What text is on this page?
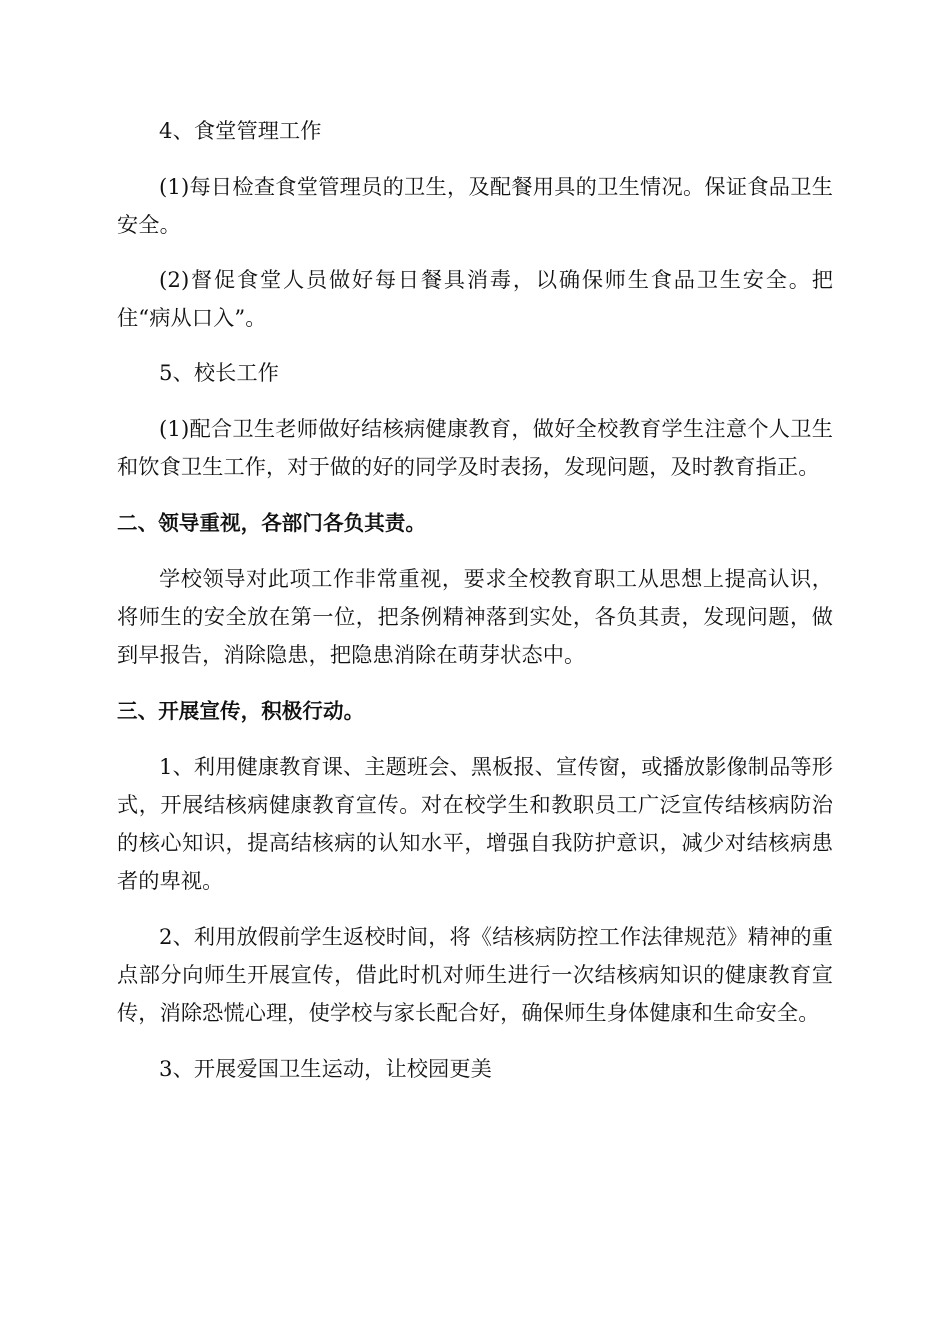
4、食堂管理工作

(1)每日检查食堂管理员的卫生，及配餐用具的卫生情况。保证食品卫生安全。

(2)督促食堂人员做好每日餐具消毒，以确保师生食品卫生安全。把住“病从口入”。

5、校长工作

(1)配合卫生老师做好结核病健康教育，做好全校教育学生注意个人卫生和饮食卫生工作，对于做的好的同学及时表扬，发现问题，及时教育指正。

二、领导重视，各部门各负其责。

学校领导对此项工作非常重视，要求全校教育职工从思想上提高认识，将师生的安全放在第一位，把条例精神落到实处，各负其责，发现问题，做到早报告，消除隐患，把隐患消除在萌芽状态中。

三、开展宣传，积极行动。

1、利用健康教育课、主题班会、黑板报、宣传窗，或播放影像制品等形式，开展结核病健康教育宣传。对在校学生和教职员工广泛宣传结核病防治的核心知识，提高结核病的认知水平，增强自我防护意识，减少对结核病患者的卑视。

2、利用放假前学生返校时间，将《结核病防控工作法律规范》精神的重点部分向师生开展宣传，借此时机对师生进行一次结核病知识的健康教育宣传，消除恐慌心理，使学校与家长配合好，确保师生身体健康和生命安全。

3、开展爱国卫生运动，让校园更美
